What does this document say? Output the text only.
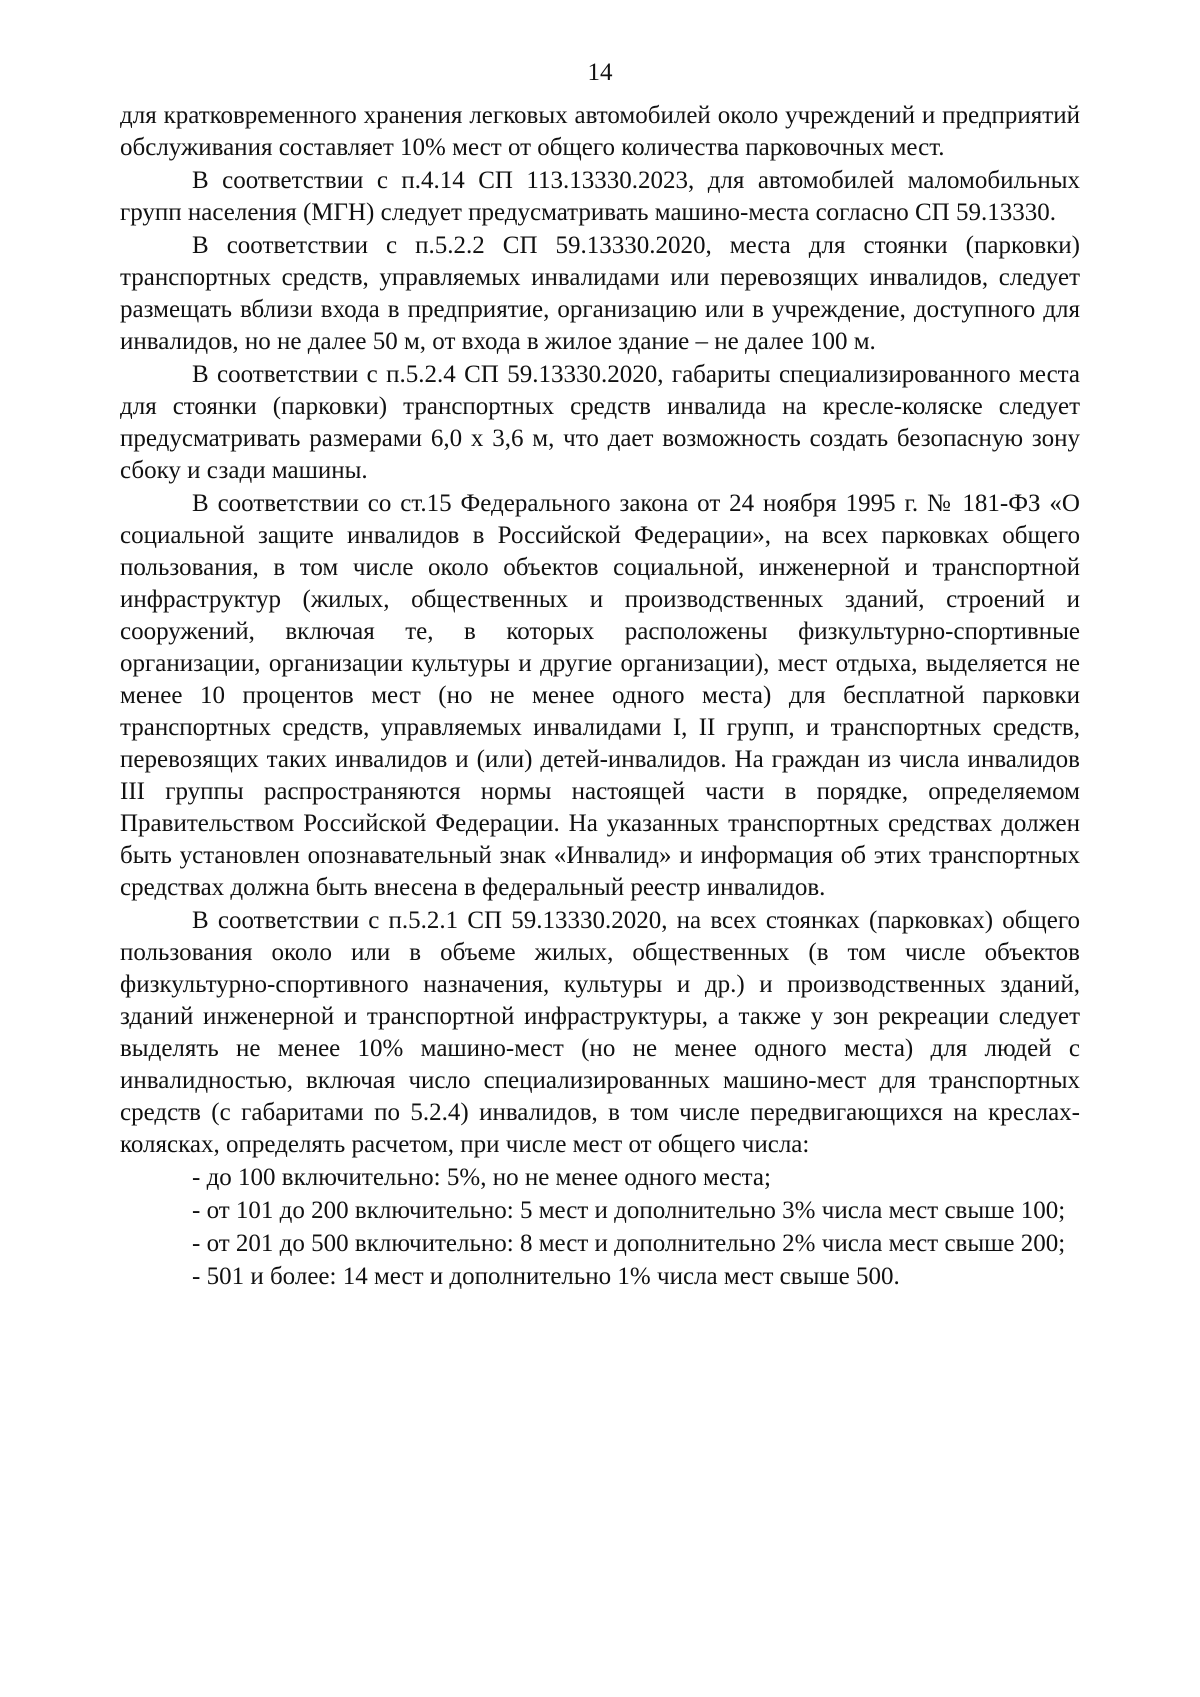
14

для кратковременного хранения легковых автомобилей около учреждений и предприятий обслуживания составляет 10% мест от общего количества парковочных мест.

В соответствии с п.4.14 СП 113.13330.2023, для автомобилей маломобильных групп населения (МГН) следует предусматривать машино-места согласно СП 59.13330.

В соответствии с п.5.2.2 СП 59.13330.2020, места для стоянки (парковки) транспортных средств, управляемых инвалидами или перевозящих инвалидов, следует размещать вблизи входа в предприятие, организацию или в учреждение, доступного для инвалидов, но не далее 50 м, от входа в жилое здание – не далее 100 м.

В соответствии с п.5.2.4 СП 59.13330.2020, габариты специализированного места для стоянки (парковки) транспортных средств инвалида на кресле-коляске следует предусматривать размерами 6,0 х 3,6 м, что дает возможность создать безопасную зону сбоку и сзади машины.

В соответствии со ст.15 Федерального закона от 24 ноября 1995 г. № 181-ФЗ «О социальной защите инвалидов в Российской Федерации», на всех парковках общего пользования, в том числе около объектов социальной, инженерной и транспортной инфраструктур (жилых, общественных и производственных зданий, строений и сооружений, включая те, в которых расположены физкультурно-спортивные организации, организации культуры и другие организации), мест отдыха, выделяется не менее 10 процентов мест (но не менее одного места) для бесплатной парковки транспортных средств, управляемых инвалидами I, II групп, и транспортных средств, перевозящих таких инвалидов и (или) детей-инвалидов. На граждан из числа инвалидов III группы распространяются нормы настоящей части в порядке, определяемом Правительством Российской Федерации. На указанных транспортных средствах должен быть установлен опознавательный знак «Инвалид» и информация об этих транспортных средствах должна быть внесена в федеральный реестр инвалидов.

В соответствии с п.5.2.1 СП 59.13330.2020, на всех стоянках (парковках) общего пользования около или в объеме жилых, общественных (в том числе объектов физкультурно-спортивного назначения, культуры и др.) и производственных зданий, зданий инженерной и транспортной инфраструктуры, а также у зон рекреации следует выделять не менее 10% машино-мест (но не менее одного места) для людей с инвалидностью, включая число специализированных машино-мест для транспортных средств (с габаритами по 5.2.4) инвалидов, в том числе передвигающихся на креслах-колясках, определять расчетом, при числе мест от общего числа:

- до 100 включительно: 5%, но не менее одного места;

- от 101 до 200 включительно: 5 мест и дополнительно 3% числа мест свыше 100;

- от 201 до 500 включительно: 8 мест и дополнительно 2% числа мест свыше 200;

- 501 и более: 14 мест и дополнительно 1% числа мест свыше 500.
